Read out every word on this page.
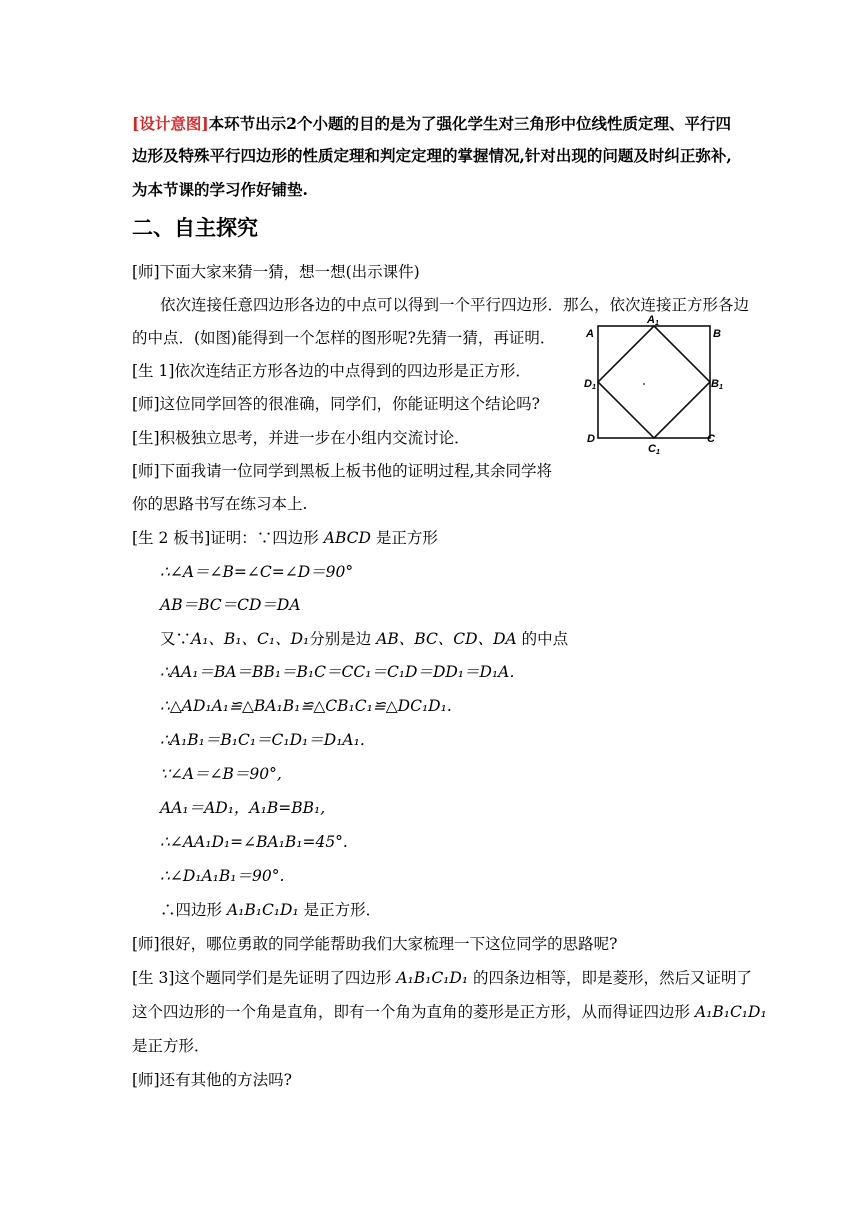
[设计意图]本环节出示2个小题的目的是为了强化学生对三角形中位线性质定理、平行四
边形及特殊平行四边形的性质定理和判定定理的掌握情况,针对出现的问题及时纠正弥补,
为本节课的学习作好铺垫.
二、自主探究
[师]下面大家来猜一猜，想一想(出示课件)
依次连接任意四边形各边的中点可以得到一个平行四边形．那么，依次连接正方形各边
的中点．(如图)能得到一个怎样的图形呢?先猜一猜，再证明．
[生 1]依次连结正方形各边的中点得到的四边形是正方形．
[师]这位同学回答的很准确，同学们，你能证明这个结论吗?
[生]积极独立思考，并进一步在小组内交流讨论．
[师]下面我请一位同学到黑板上板书他的证明过程,其余同学将
你的思路书写在练习本上.
A
A1
B
D1	B1
D
C1
C
[生 2 板书]证明：∵四边形 ABCD 是正方形
∴∠A＝∠B=∠C=∠D＝90°
AB＝BC＝CD＝DA
又∵A₁、B₁、C₁、D₁分别是边 AB、BC、CD、DA 的中点
∴AA₁＝BA＝BB₁＝B₁C＝CC₁＝C₁D＝DD₁＝D₁A．
∴△AD₁A₁≌△BA₁B₁≌△CB₁C₁≌△DC₁D₁.
∴A₁B₁＝B₁C₁＝C₁D₁＝D₁A₁．
∵∠A＝∠B＝90°,
AA₁＝AD₁，A₁B=BB₁,
∴∠AA₁D₁=∠BA₁B₁=45°.
∴∠D₁A₁B₁＝90°.
∴四边形 A₁B₁C₁D₁ 是正方形．
[师]很好，哪位勇敢的同学能帮助我们大家梳理一下这位同学的思路呢?
[生 3]这个题同学们是先证明了四边形 A₁B₁C₁D₁ 的四条边相等，即是菱形，然后又证明了
这个四边形的一个角是直角，即有一个角为直角的菱形是正方形，从而得证四边形 A₁B₁C₁D₁
是正方形．
[师]还有其他的方法吗?
